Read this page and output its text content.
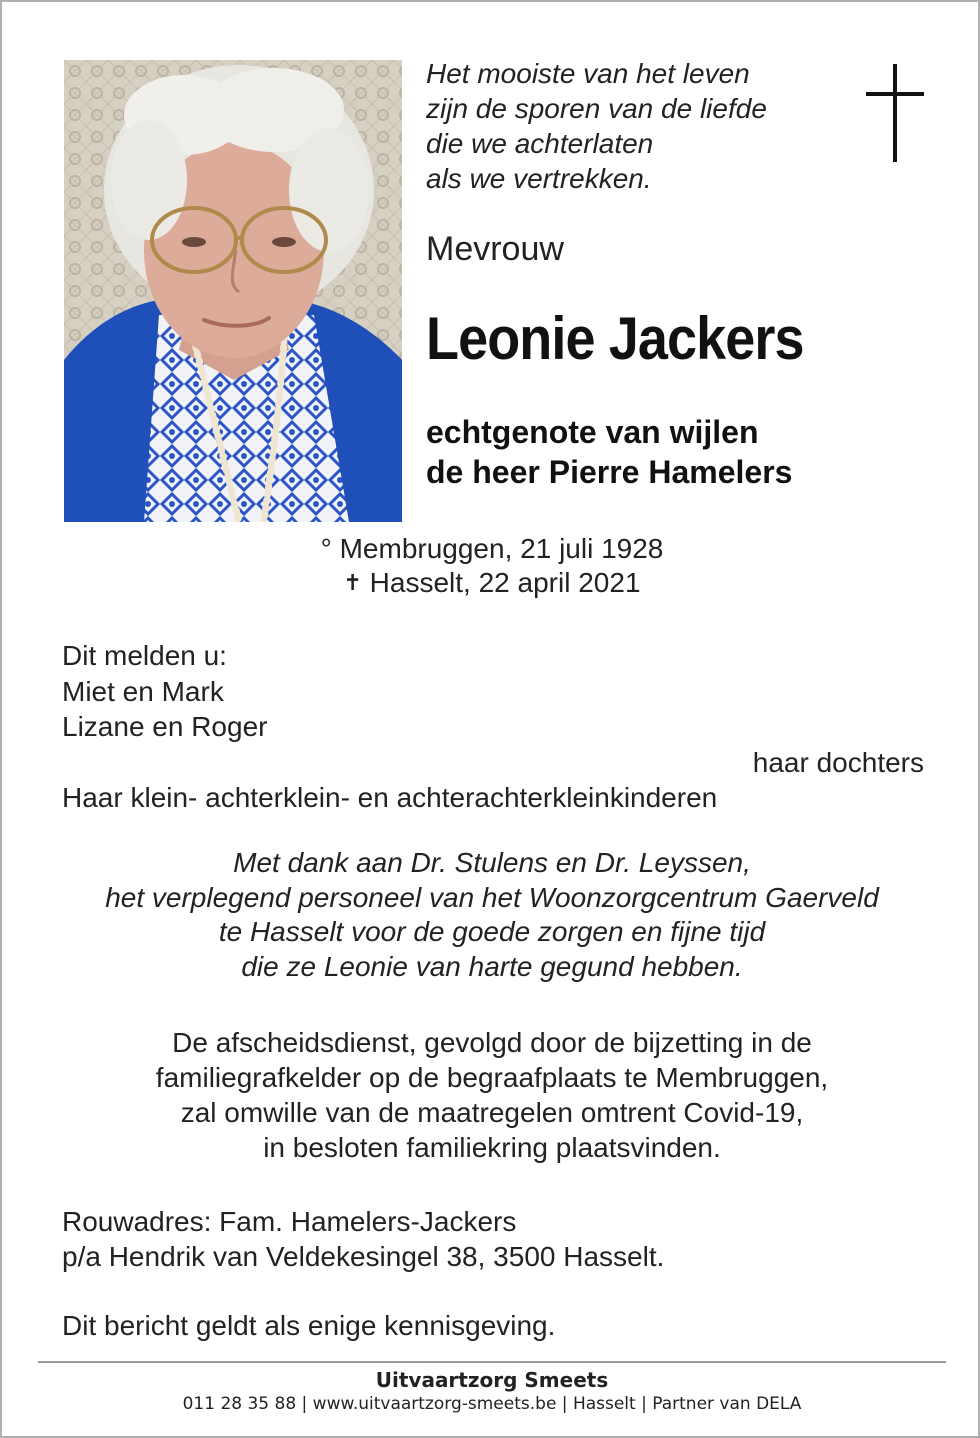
Het mooiste van het leven
zijn de sporen van de liefde
die we achterlaten
als we vertrekken.
Mevrouw
Leonie Jackers
echtgenote van wijlen
de heer Pierre Hamelers
° Membruggen, 21 juli 1928
✝ Hasselt, 22 april 2021
Dit melden u:
Miet en Mark
Lizane en Roger
haar dochters
Haar klein- achterklein- en achterachterkleinkinderen
Met dank aan Dr. Stulens en Dr. Leyssen,
het verplegend personeel van het Woonzorgcentrum Gaerveld
te Hasselt voor de goede zorgen en fijne tijd
die ze Leonie van harte gegund hebben.
De afscheidsdienst, gevolgd door de bijzetting in de
familiegrafkelder op de begraafplaats te Membruggen,
zal omwille van de maatregelen omtrent Covid-19,
in besloten familiekring plaatsvinden.
Rouwadres: Fam. Hamelers-Jackers
p/a Hendrik van Veldekesingel 38, 3500 Hasselt.
Dit bericht geldt als enige kennisgeving.
Uitvaartzorg Smeets
011 28 35 88 | www.uitvaartzorg-smeets.be | Hasselt | Partner van DELA
